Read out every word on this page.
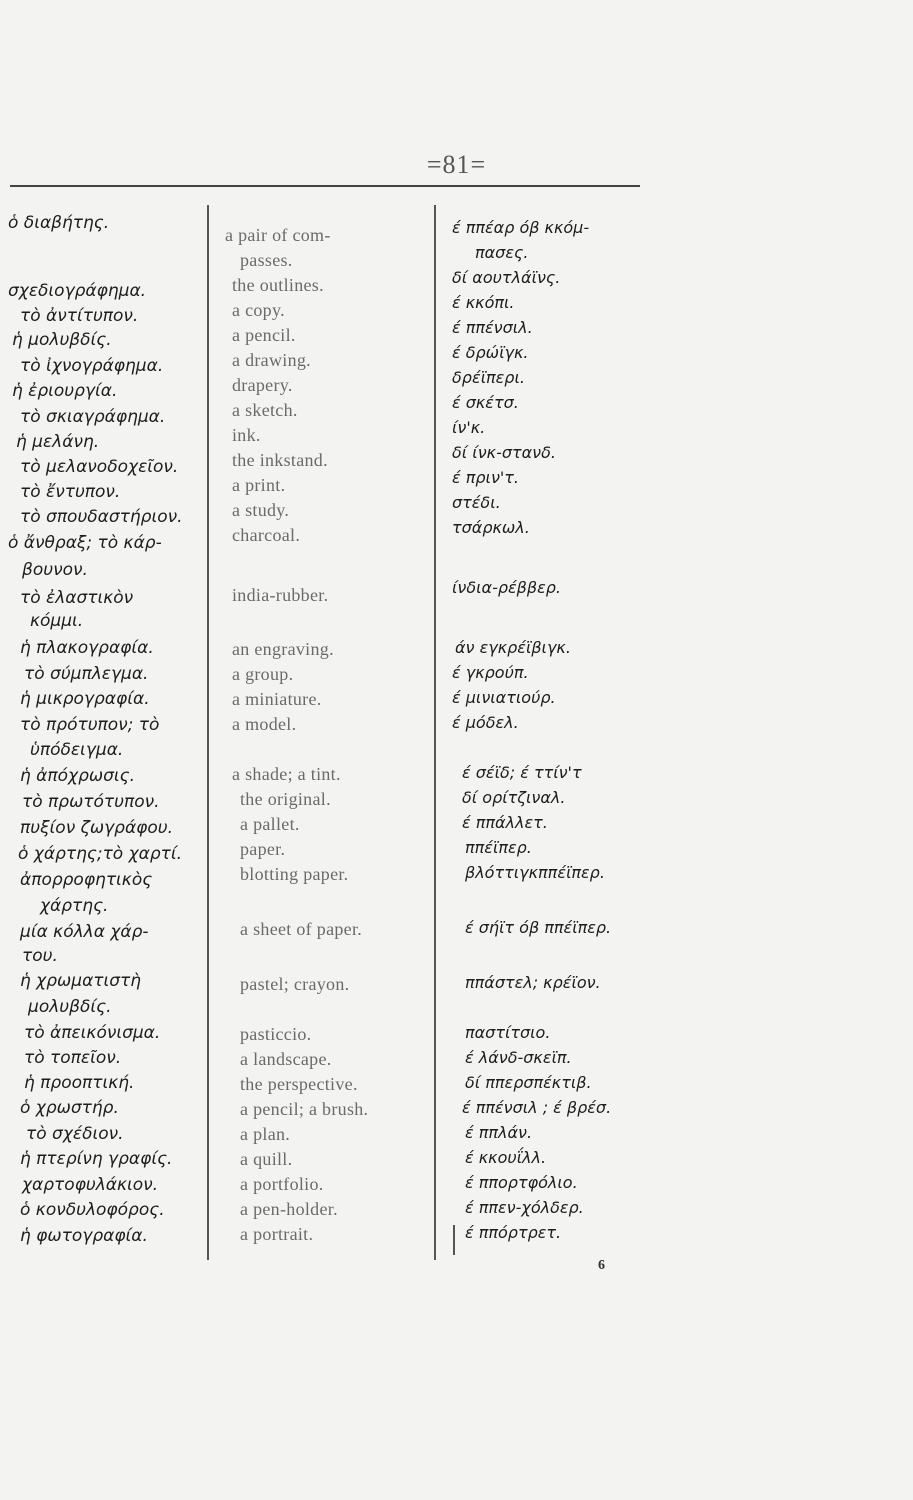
=81=
ὁ διαβήτης.
σχεδιογράφημα.
τὸ ἀντίτυπον.
ἡ μολυβδίς.
τὸ ἰχνογράφημα.
ἡ ἐριουργία.
τὸ σκιαγράφημα.
ἡ μελάνη.
τὸ μελανοδοχεῖον.
τὸ ἔντυπον.
τὸ σπουδαστήριον.
ὁ ἄνθραξ; τὸ κάρ-
βουνον.
τὸ ἐλαστικὸν
κόμμι.
ἡ πλακογραφία.
τὸ σύμπλεγμα.
ἡ μικρογραφία.
τὸ πρότυπον; τὸ
ὑπόδειγμα.
ἡ ἀπόχρωσις.
τὸ πρωτότυπον.
πυξίον ζωγράφου.
ὁ χάρτης;τὸ χαρτί.
ἀπορροφητικὸς
χάρτης.
μία κόλλα χάρ-
του.
ἡ χρωματιστὴ
μολυβδίς.
τὸ ἀπεικόνισμα.
τὸ τοπεῖον.
ἡ προοπτική.
ὁ χρωστήρ.
τὸ σχέδιον.
ἡ πτερίνη γραφίς.
χαρτοφυλάκιον.
ὁ κονδυλοφόρος.
ἡ φωτογραφία.
a pair of com-
passes.
the outlines.
a copy.
a pencil.
a drawing.
drapery.
a sketch.
ink.
the inkstand.
a print.
a study.
charcoal.
india-rubber.
an engraving.
a group.
a miniature.
a model.
a shade; a tint.
the original.
a pallet.
paper.
blotting paper.
a sheet of paper.
pastel; crayon.
pasticcio.
a landscape.
the perspective.
a pencil; a brush.
a plan.
a quill.
a portfolio.
a pen-holder.
a portrait.
έ ππέαρ όβ κκόμ-
πασες.
δί αουτλάϊνς.
έ κκόπι.
έ ππένσιλ.
έ δρώϊγκ.
δρέϊπερι.
έ σκέτσ.
ίν'κ.
δί ίνκ-στανδ.
έ πριν'τ.
στέδι.
τσάρκωλ.
ίνδια-ρέββερ.
άν εγκρέϊβιγκ.
έ γκρούπ.
έ μινιατιούρ.
έ μόδελ.
έ σέϊδ; έ ττίν'τ
δί ορίτζιναλ.
έ ππάλλετ.
ππέϊπερ.
βλόττιγκππέϊπερ.
έ σήϊτ όβ ππέϊπερ.
ππάστελ; κρέϊον.
παστίτσιο.
έ λάνδ-σκεϊπ.
δί ππερσπέκτιβ.
έ ππένσιλ ; έ βρέσ.
έ ππλάν.
έ κκουΐλλ.
έ ππορτφόλιο.
έ ππεν-χόλδερ.
έ ππόρτρετ.
6
